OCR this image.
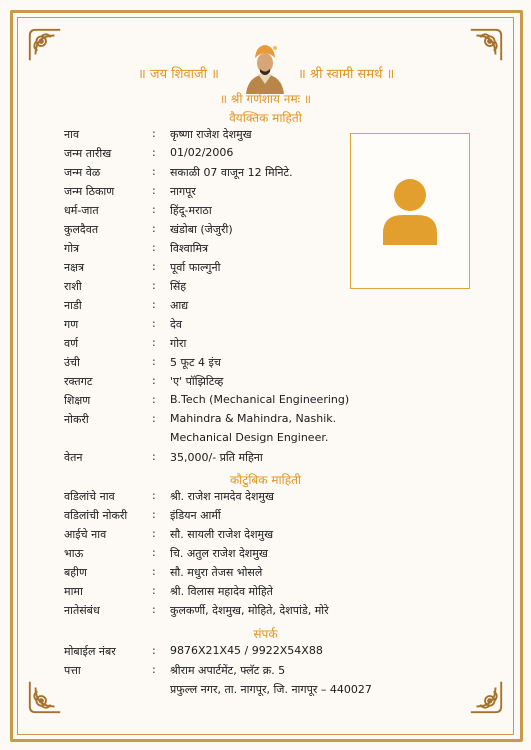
॥ जय शिवाजी ॥	॥ श्री स्वामी समर्थ ॥
॥ श्री गणेशाय नमः ॥
वैयक्तिक माहिती
नाव	: कृष्णा राजेश देशमुख
जन्म तारीख	: 01/02/2006
जन्म वेळ	: सकाळी 07 वाजून 12 मिनिटे.
जन्म ठिकाण	: नागपूर
धर्म-जात	: हिंदू-मराठा
कुलदैवत	: खंडोबा (जेजुरी)
गोत्र	: विश्वामित्र
नक्षत्र	: पूर्वा फाल्गुनी
राशी	: सिंह
नाडी	: आद्य
गण	: देव
वर्ण	: गोरा
उंची	: 5 फूट 4 इंच
रक्तगट	: 'ए' पॉझिटिव्ह
शिक्षण	: B.Tech (Mechanical Engineering)
नोकरी	: Mahindra & Mahindra, Nashik.
Mechanical Design Engineer.
वेतन	: 35,000/- प्रति महिना
कौटुंबिक माहिती
वडिलांचे नाव	: श्री. राजेश नामदेव देशमुख
वडिलांची नोकरी : इंडियन आर्मी
आईचे नाव	: सौ. सायली राजेश देशमुख
भाऊ	: चि. अतुल राजेश देशमुख
बहीण	: सौ. मधुरा तेजस भोसले
मामा	: श्री. विलास महादेव मोहिते
नातेसंबंध	: कुलकर्णी, देशमुख, मोहिते, देशपांडे, मोरे
संपर्क
मोबाईल नंबर	: 9876X21X45 / 9922X54X88
पत्ता	: श्रीराम अपार्टमेंट, फ्लॅट क्र. 5
प्रफुल्ल नगर, ता. नागपूर, जि. नागपूर – 440027
